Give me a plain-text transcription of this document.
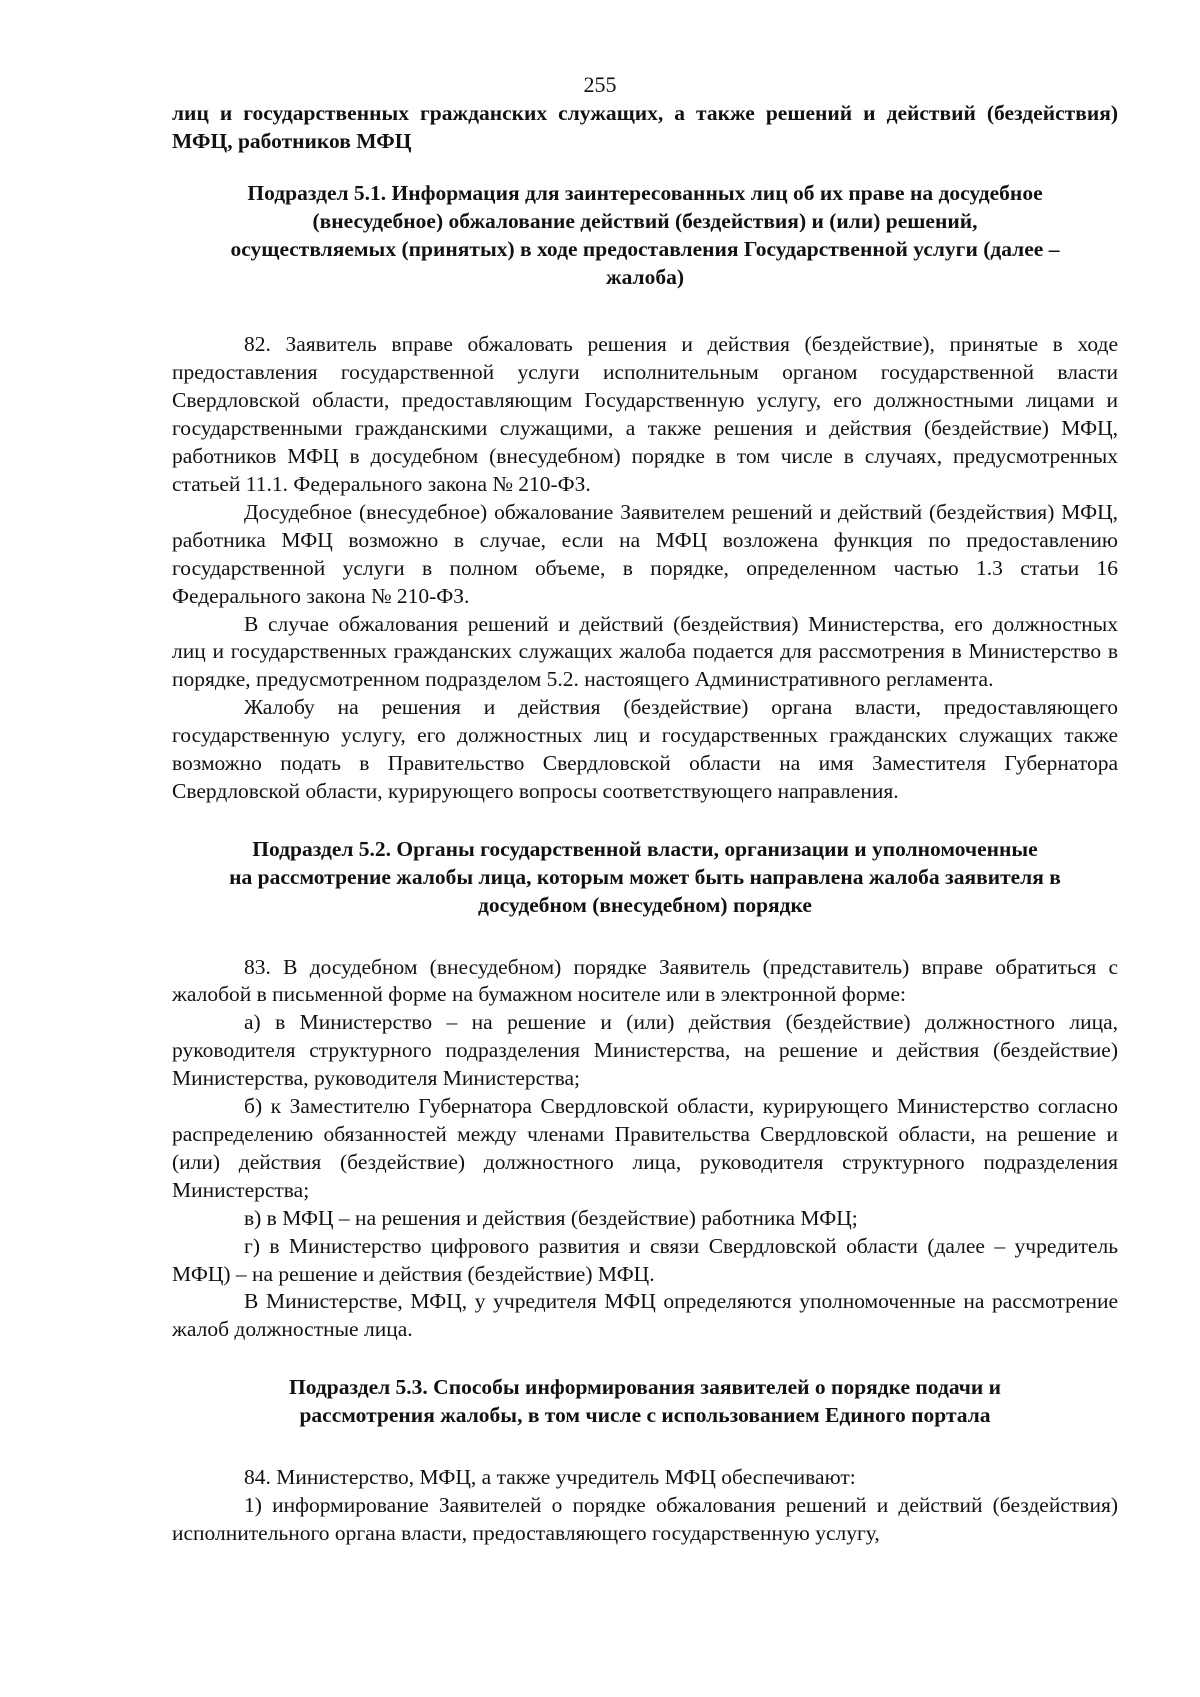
255

лиц и государственных гражданских служащих, а также решений и действий (бездействия) МФЦ, работников МФЦ

Подраздел 5.1. Информация для заинтересованных лиц об их праве на досудебное
(внесудебное) обжалование действий (бездействия) и (или) решений,
осуществляемых (принятых) в ходе предоставления Государственной услуги (далее –
жалоба)

82. Заявитель вправе обжаловать решения и действия (бездействие), принятые в ходе предоставления государственной услуги исполнительным органом государственной власти Свердловской области, предоставляющим Государственную услугу, его должностными лицами и государственными гражданскими служащими, а также решения и действия (бездействие) МФЦ, работников МФЦ в досудебном (внесудебном) порядке в том числе в случаях, предусмотренных статьей 11.1. Федерального закона № 210-ФЗ.

Досудебное (внесудебное) обжалование Заявителем решений и действий (бездействия) МФЦ, работника МФЦ возможно в случае, если на МФЦ возложена функция по предоставлению государственной услуги в полном объеме, в порядке, определенном частью 1.3 статьи 16 Федерального закона № 210-ФЗ.

В случае обжалования решений и действий (бездействия) Министерства, его должностных лиц и государственных гражданских служащих жалоба подается для рассмотрения в Министерство в порядке, предусмотренном подразделом 5.2. настоящего Административного регламента.

Жалобу на решения и действия (бездействие) органа власти, предоставляющего государственную услугу, его должностных лиц и государственных гражданских служащих также возможно подать в Правительство Свердловской области на имя Заместителя Губернатора Свердловской области, курирующего вопросы соответствующего направления.

Подраздел 5.2. Органы государственной власти, организации и уполномоченные
на рассмотрение жалобы лица, которым может быть направлена жалоба заявителя в
досудебном (внесудебном) порядке

83. В досудебном (внесудебном) порядке Заявитель (представитель) вправе обратиться с жалобой в письменной форме на бумажном носителе или в электронной форме:

а) в Министерство – на решение и (или) действия (бездействие) должностного лица, руководителя структурного подразделения Министерства, на решение и действия (бездействие) Министерства, руководителя Министерства;

б) к Заместителю Губернатора Свердловской области, курирующего Министерство согласно распределению обязанностей между членами Правительства Свердловской области, на решение и (или) действия (бездействие) должностного лица, руководителя структурного подразделения Министерства;

в) в МФЦ – на решения и действия (бездействие) работника МФЦ;

г) в Министерство цифрового развития и связи Свердловской области (далее – учредитель МФЦ) – на решение и действия (бездействие) МФЦ.

В Министерстве, МФЦ, у учредителя МФЦ определяются уполномоченные на рассмотрение жалоб должностные лица.

Подраздел 5.3. Способы информирования заявителей о порядке подачи и
рассмотрения жалобы, в том числе с использованием Единого портала

84. Министерство, МФЦ, а также учредитель МФЦ обеспечивают:

1) информирование Заявителей о порядке обжалования решений и действий (бездействия) исполнительного органа власти, предоставляющего государственную услугу,
